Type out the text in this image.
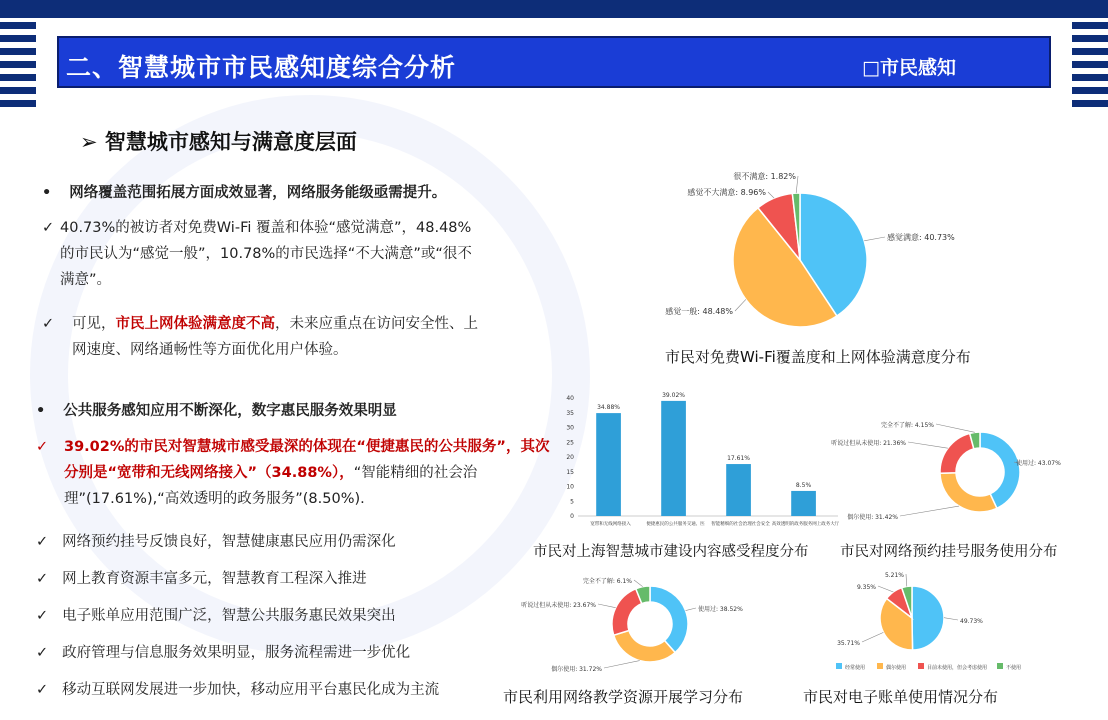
二、智慧城市市民感知度综合分析	□市民感知
➢ 智慧城市感知与满意度层面
• 网络覆盖范围拓展方面成效显著，网络服务能级亟需提升。
✓ 40.73%的被访者对免费Wi-Fi 覆盖和体验“感觉满意”，48.48%的市民认为“感觉一般”，10.78%的市民选择“不大满意”或“很不满意”。
✓ 可见，市民上网体验满意度不高，未来应重点在访问安全性、上网速度、网络通畅性等方面优化用户体验。
• 公共服务感知应用不断深化，数字惠民服务效果明显
✓ 39.02%的市民对智慧城市感受最深的体现在“便捷惠民的公共服务”，其次分别是“宽带和无线网络接入”（34.88%），“智能精细的社会治理”(17.61%),“高效透明的政务服务”(8.50%).
✓ 网络预约挂号反馈良好，智慧健康惠民应用仍需深化
✓ 网上教育资源丰富多元，智慧教育工程深入推进
✓ 电子账单应用范围广泛，智慧公共服务惠民效果突出
✓ 政府管理与信息服务效果明显，服务流程需进一步优化
✓ 移动互联网发展进一步加快，移动应用平台惠民化成为主流
感觉满意: 40.73%
感觉一般: 48.48%
感觉不大满意: 8.96%
很不满意: 1.82%
市民对免费Wi-Fi覆盖度和上网体验满意度分布
0
5
10
15
20
25
30
35
40
34.88%
宽带和无线网络接入
39.02%
便捷惠民的公共服务交通、医
17.61%
智能精细的社会治理社会安全
8.5%
高效透明的政务服务网上政务大厅
市民对上海智慧城市建设内容感受程度分布
使用过: 43.07%
偶尔使用: 31.42%
听说过但从未使用: 21.36%
完全不了解: 4.15%
市民对网络预约挂号服务使用分布
使用过: 38.52%
偶尔使用: 31.72%
听说过但从未使用: 23.67%
完全不了解: 6.1%
市民利用网络教学资源开展学习分布
49.73%
35.71%
9.35%
5.21%
经常使用	偶尔使用	目前未使用，但会考虑使用	不使用
市民对电子账单使用情况分布
